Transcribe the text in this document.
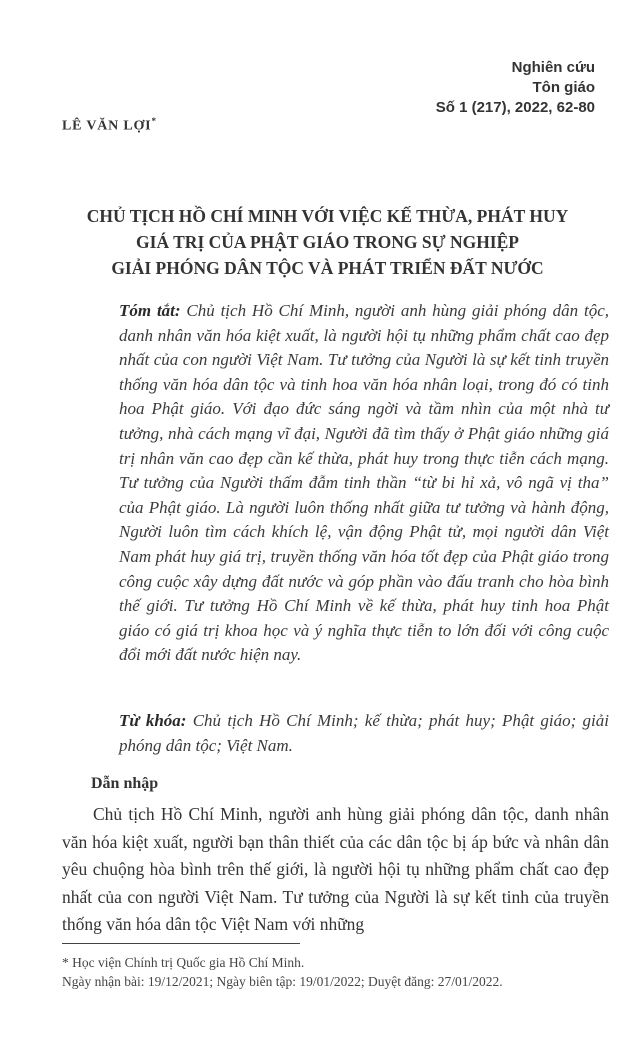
Nghiên cứu
Tôn giáo
Số 1 (217), 2022, 62-80
LÊ VĂN LỢI*
CHỦ TỊCH HỒ CHÍ MINH VỚI VIỆC KẾ THỪA, PHÁT HUY
GIÁ TRỊ CỦA PHẬT GIÁO TRONG SỰ NGHIỆP
GIẢI PHÓNG DÂN TỘC VÀ PHÁT TRIỂN ĐẤT NƯỚC
Tóm tắt: Chủ tịch Hồ Chí Minh, người anh hùng giải phóng dân tộc, danh nhân văn hóa kiệt xuất, là người hội tụ những phẩm chất cao đẹp nhất của con người Việt Nam. Tư tưởng của Người là sự kết tinh truyền thống văn hóa dân tộc và tinh hoa văn hóa nhân loại, trong đó có tinh hoa Phật giáo. Với đạo đức sáng ngời và tầm nhìn của một nhà tư tưởng, nhà cách mạng vĩ đại, Người đã tìm thấy ở Phật giáo những giá trị nhân văn cao đẹp cần kế thừa, phát huy trong thực tiễn cách mạng. Tư tưởng của Người thấm đẫm tinh thần “từ bi hỉ xả, vô ngã vị tha” của Phật giáo. Là người luôn thống nhất giữa tư tưởng và hành động, Người luôn tìm cách khích lệ, vận động Phật tử, mọi người dân Việt Nam phát huy giá trị, truyền thống văn hóa tốt đẹp của Phật giáo trong công cuộc xây dựng đất nước và góp phần vào đấu tranh cho hòa bình thế giới. Tư tưởng Hồ Chí Minh về kế thừa, phát huy tinh hoa Phật giáo có giá trị khoa học và ý nghĩa thực tiễn to lớn đối với công cuộc đổi mới đất nước hiện nay.
Từ khóa: Chủ tịch Hồ Chí Minh; kế thừa; phát huy; Phật giáo; giải phóng dân tộc; Việt Nam.
Dẫn nhập
Chủ tịch Hồ Chí Minh, người anh hùng giải phóng dân tộc, danh nhân văn hóa kiệt xuất, người bạn thân thiết của các dân tộc bị áp bức và nhân dân yêu chuộng hòa bình trên thế giới, là người hội tụ những phẩm chất cao đẹp nhất của con người Việt Nam. Tư tưởng của Người là sự kết tinh của truyền thống văn hóa dân tộc Việt Nam với những
* Học viện Chính trị Quốc gia Hồ Chí Minh.
Ngày nhận bài: 19/12/2021; Ngày biên tập: 19/01/2022; Duyệt đăng: 27/01/2022.
